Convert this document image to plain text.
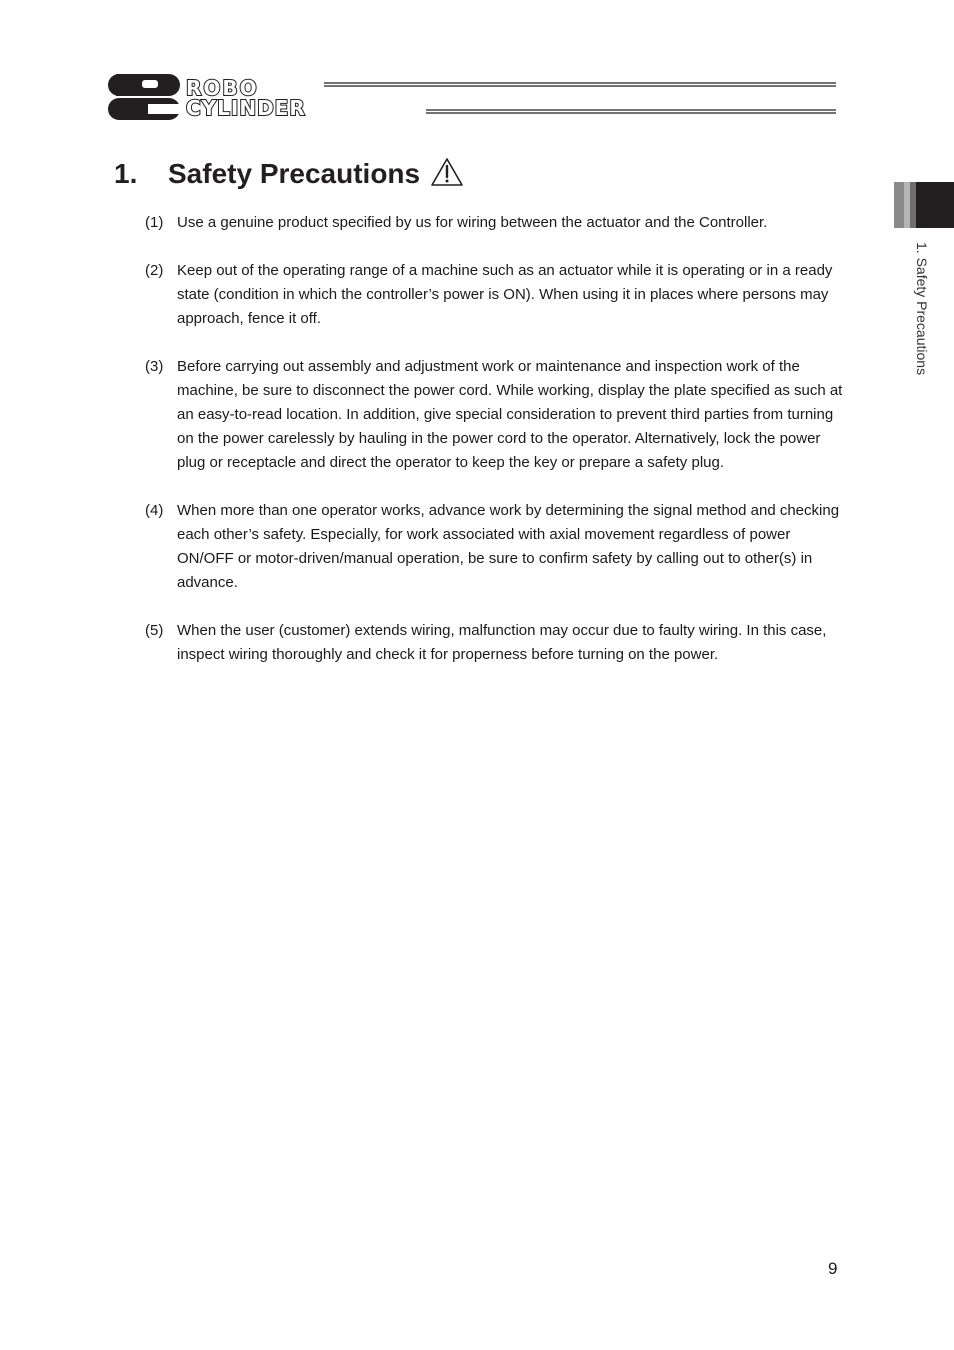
ROBO
CYLINDER
1. Safety Precautions
1. Safety Precautions
(1) Use a genuine product specified by us for wiring between the actuator and the Controller.
(2) Keep out of the operating range of a machine such as an actuator while it is operating or in a ready state (condition in which the controller’s power is ON). When using it in places where persons may approach, fence it off.
(3) Before carrying out assembly and adjustment work or maintenance and inspection work of the machine, be sure to disconnect the power cord. While working, display the plate specified as such at an easy-to-read location. In addition, give special consideration to prevent third parties from turning on the power carelessly by hauling in the power cord to the operator. Alternatively, lock the power plug or receptacle and direct the operator to keep the key or prepare a safety plug.
(4) When more than one operator works, advance work by determining the signal method and checking each other’s safety. Especially, for work associated with axial movement regardless of power ON/OFF or motor-driven/manual operation, be sure to confirm safety by calling out to other(s) in advance.
(5) When the user (customer) extends wiring, malfunction may occur due to faulty wiring. In this case, inspect wiring thoroughly and check it for properness before turning on the power.
9
